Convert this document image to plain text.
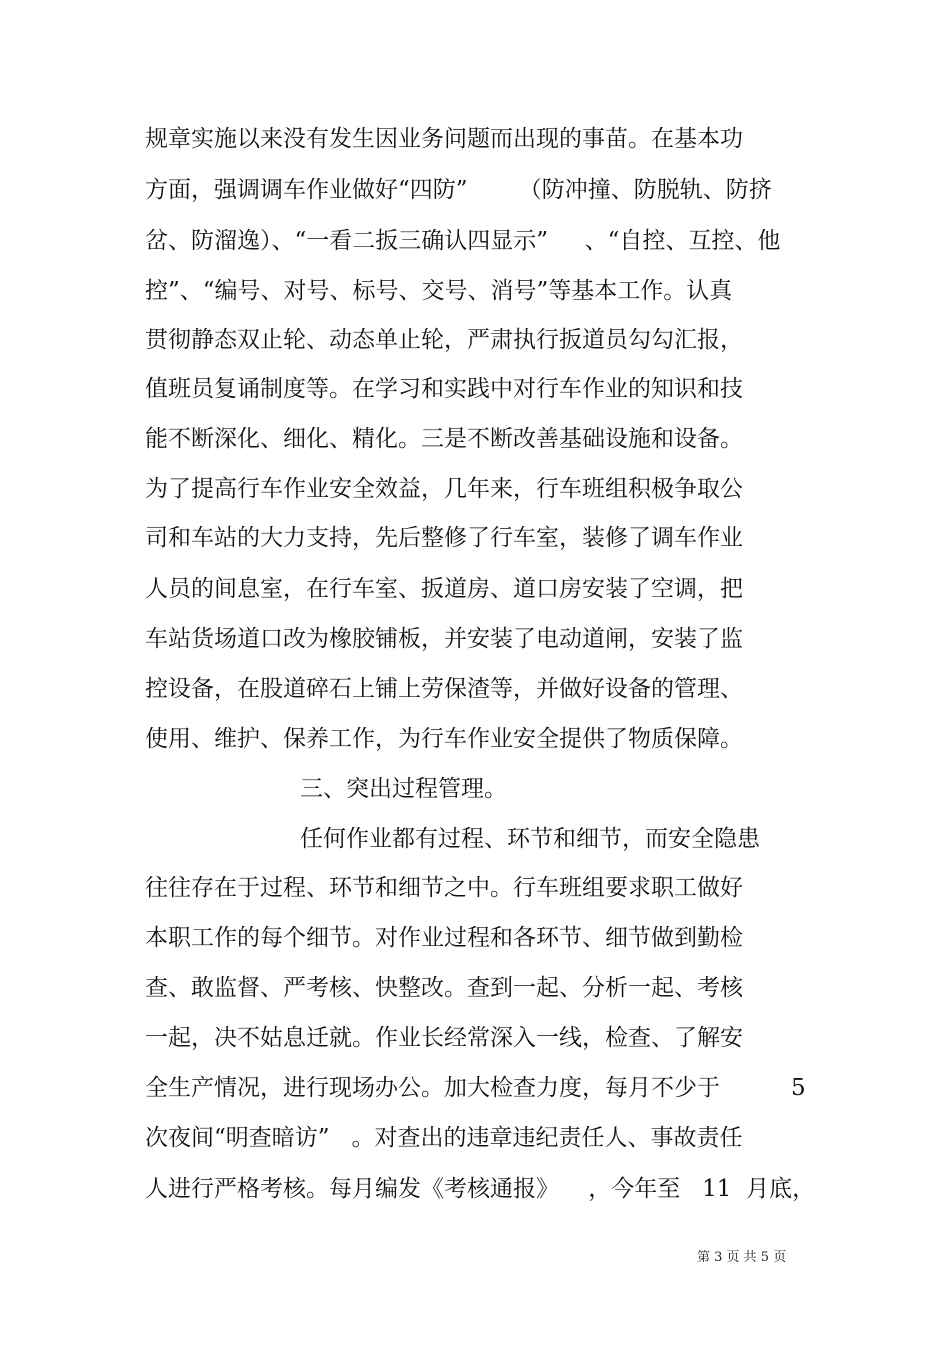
规章实施以来没有发生因业务问题而出现的事苗。在基本功
方面，强调调车作业做好“四防”       （防冲撞、防脱轨、防挤
岔、防溜逸）、“一看二扳三确认四显示”     、“自控、互控、他
控”、“编号、对号、标号、交号、消号”等基本工作。认真
贯彻静态双止轮、动态单止轮，严肃执行扳道员勾勾汇报，
值班员复诵制度等。在学习和实践中对行车作业的知识和技
能不断深化、细化、精化。三是不断改善基础设施和设备。
为了提高行车作业安全效益，几年来，行车班组积极争取公
司和车站的大力支持，先后整修了行车室，装修了调车作业
人员的间息室，在行车室、扳道房、道口房安装了空调，把
车站货场道口改为橡胶铺板，并安装了电动道闸，安装了监
控设备，在股道碎石上铺上劳保渣等，并做好设备的管理、
使用、维护、保养工作，为行车作业安全提供了物质保障。
三、突出过程管理。
任何作业都有过程、环节和细节，而安全隐患
往往存在于过程、环节和细节之中。行车班组要求职工做好
本职工作的每个细节。对作业过程和各环节、细节做到勤检
查、敢监督、严考核、快整改。查到一起、分析一起、考核
一起，决不姑息迁就。作业长经常深入一线，检查、了解安
全生产情况，进行现场办公。加大检查力度，每月不少于	5
次夜间“明查暗访”   。对查出的违章违纪责任人、事故责任
人进行严格考核。每月编发《考核通报》    ，今年至   11  月底，
第 3 页 共 5 页
